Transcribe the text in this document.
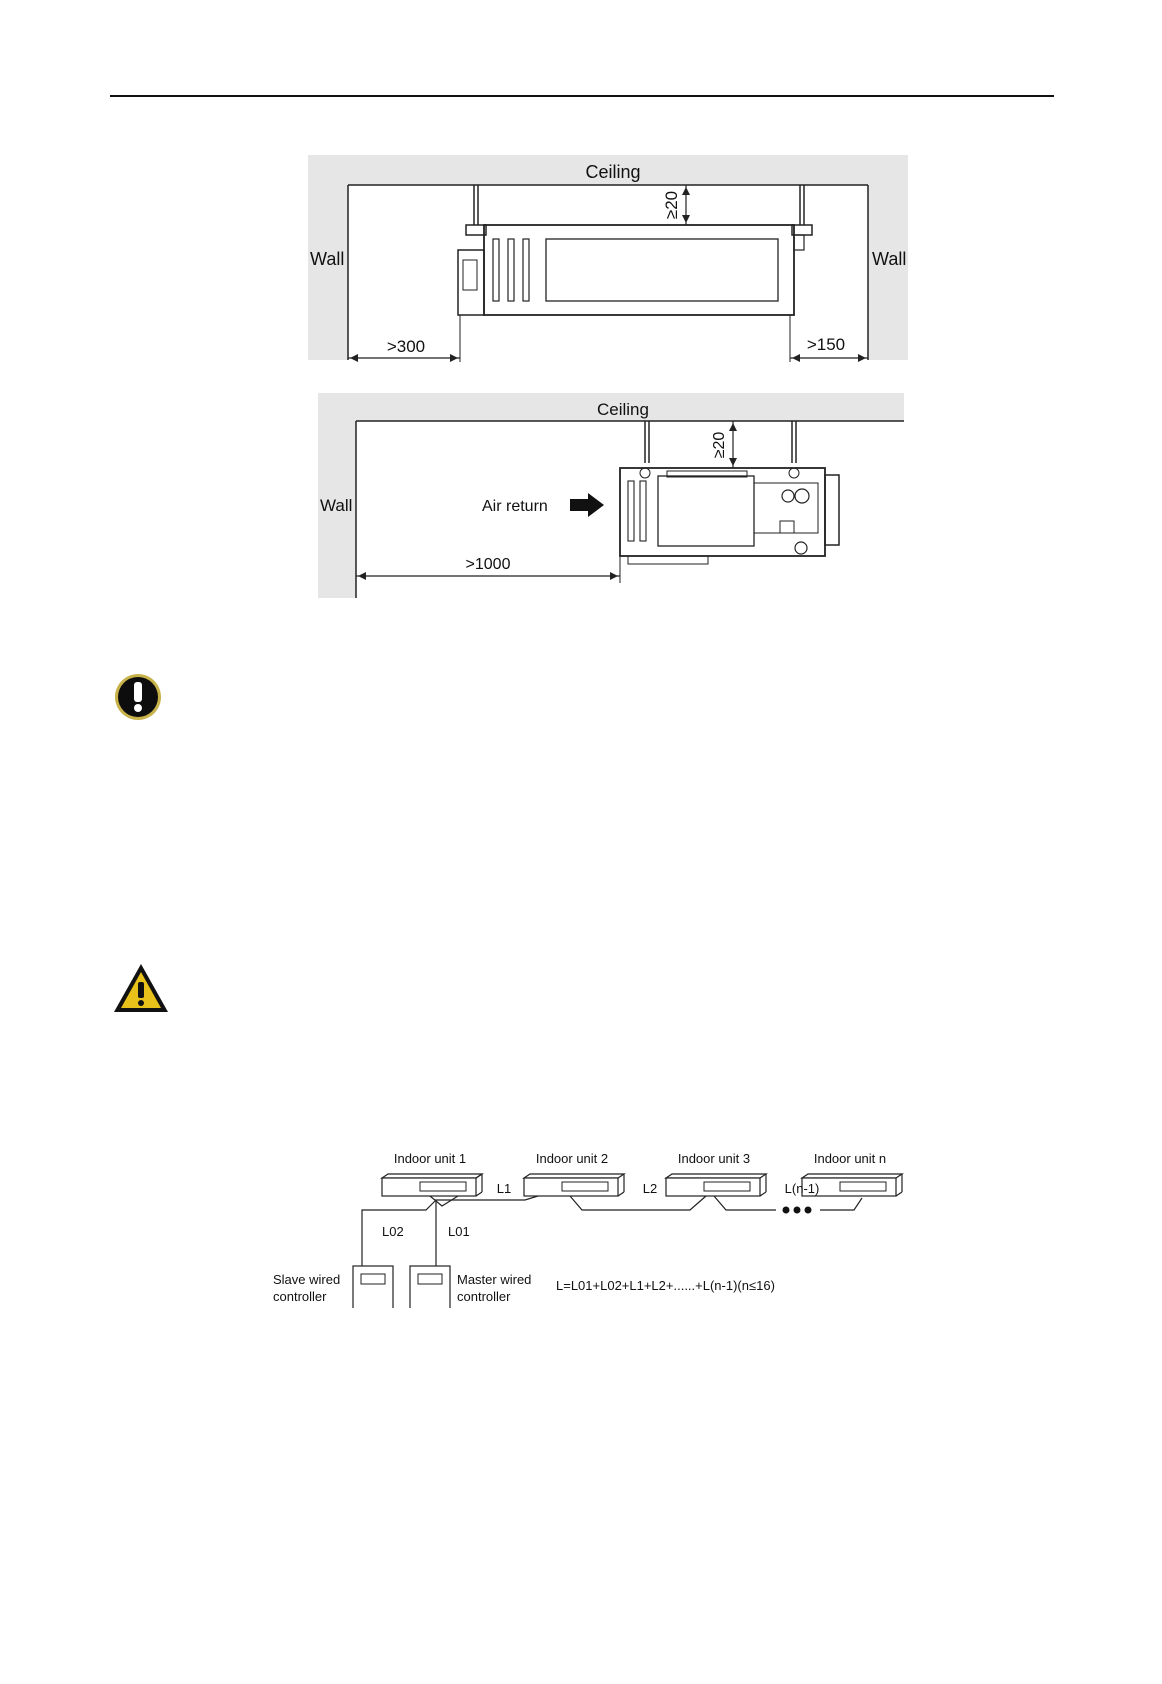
≥20
>300	>150
Ceiling
Wall	Wall
≥20
Air return
>1000
Ceiling
Wall
Indoor unit 1	Indoor unit 2	Indoor unit 3	Indoor unit n
L1	L2	L(n-1)
L02	L01
Slave wired
controller
Master wired
controller
L=L01+L02+L1+L2+......+L(n-1)(n≤16)
